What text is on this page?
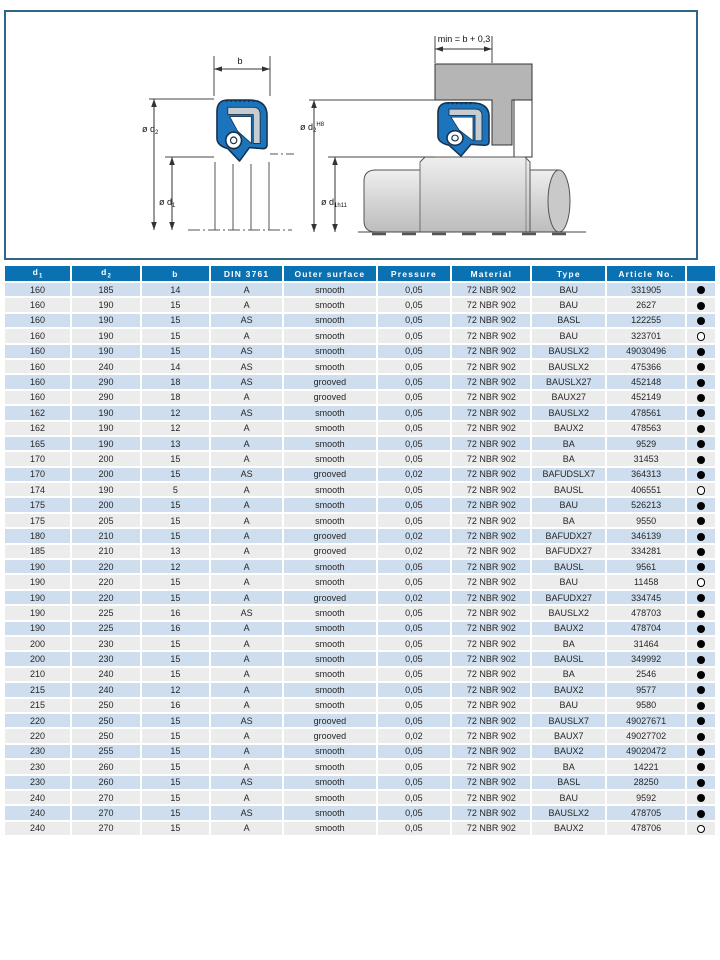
b
ø $d_2$
ø $d_1$
min = b + 0,3
ø $d_2^{H8}$
ø $d_1h11$
$d_1$	$d_2$	b	DIN 3761	Outer surface	Pressure	Material	Type	Article No.	
160	185	14	A	smooth	0,05	72 NBR 902	BAU	331905	
160	190	15	A	smooth	0,05	72 NBR 902	BAU	2627	
160	190	15	AS	smooth	0,05	72 NBR 902	BASL	122255	
160	190	15	A	smooth	0,05	72 NBR 902	BAU	323701	
160	190	15	AS	smooth	0,05	72 NBR 902	BAUSLX2	49030496	
160	240	14	AS	smooth	0,05	72 NBR 902	BAUSLX2	475366	
160	290	18	AS	grooved	0,05	72 NBR 902	BAUSLX27	452148	
160	290	18	A	grooved	0,05	72 NBR 902	BAUX27	452149	
162	190	12	AS	smooth	0,05	72 NBR 902	BAUSLX2	478561	
162	190	12	A	smooth	0,05	72 NBR 902	BAUX2	478563	
165	190	13	A	smooth	0,05	72 NBR 902	BA	9529	
170	200	15	A	smooth	0,05	72 NBR 902	BA	31453	
170	200	15	AS	grooved	0,02	72 NBR 902	BAFUDSLX7	364313	
174	190	5	A	smooth	0,05	72 NBR 902	BAUSL	406551	
175	200	15	A	smooth	0,05	72 NBR 902	BAU	526213	
175	205	15	A	smooth	0,05	72 NBR 902	BA	9550	
180	210	15	A	grooved	0,02	72 NBR 902	BAFUDX27	346139	
185	210	13	A	grooved	0,02	72 NBR 902	BAFUDX27	334281	
190	220	12	A	smooth	0,05	72 NBR 902	BAUSL	9561	
190	220	15	A	smooth	0,05	72 NBR 902	BAU	11458	
190	220	15	A	grooved	0,02	72 NBR 902	BAFUDX27	334745	
190	225	16	AS	smooth	0,05	72 NBR 902	BAUSLX2	478703	
190	225	16	A	smooth	0,05	72 NBR 902	BAUX2	478704	
200	230	15	A	smooth	0,05	72 NBR 902	BA	31464	
200	230	15	A	smooth	0,05	72 NBR 902	BAUSL	349992	
210	240	15	A	smooth	0,05	72 NBR 902	BA	2546	
215	240	12	A	smooth	0,05	72 NBR 902	BAUX2	9577	
215	250	16	A	smooth	0,05	72 NBR 902	BAU	9580	
220	250	15	AS	grooved	0,05	72 NBR 902	BAUSLX7	49027671	
220	250	15	A	grooved	0,02	72 NBR 902	BAUX7	49027702	
230	255	15	A	smooth	0,05	72 NBR 902	BAUX2	49020472	
230	260	15	A	smooth	0,05	72 NBR 902	BA	14221	
230	260	15	AS	smooth	0,05	72 NBR 902	BASL	28250	
240	270	15	A	smooth	0,05	72 NBR 902	BAU	9592	
240	270	15	AS	smooth	0,05	72 NBR 902	BAUSLX2	478705	
240	270	15	A	smooth	0,05	72 NBR 902	BAUX2	478706	
